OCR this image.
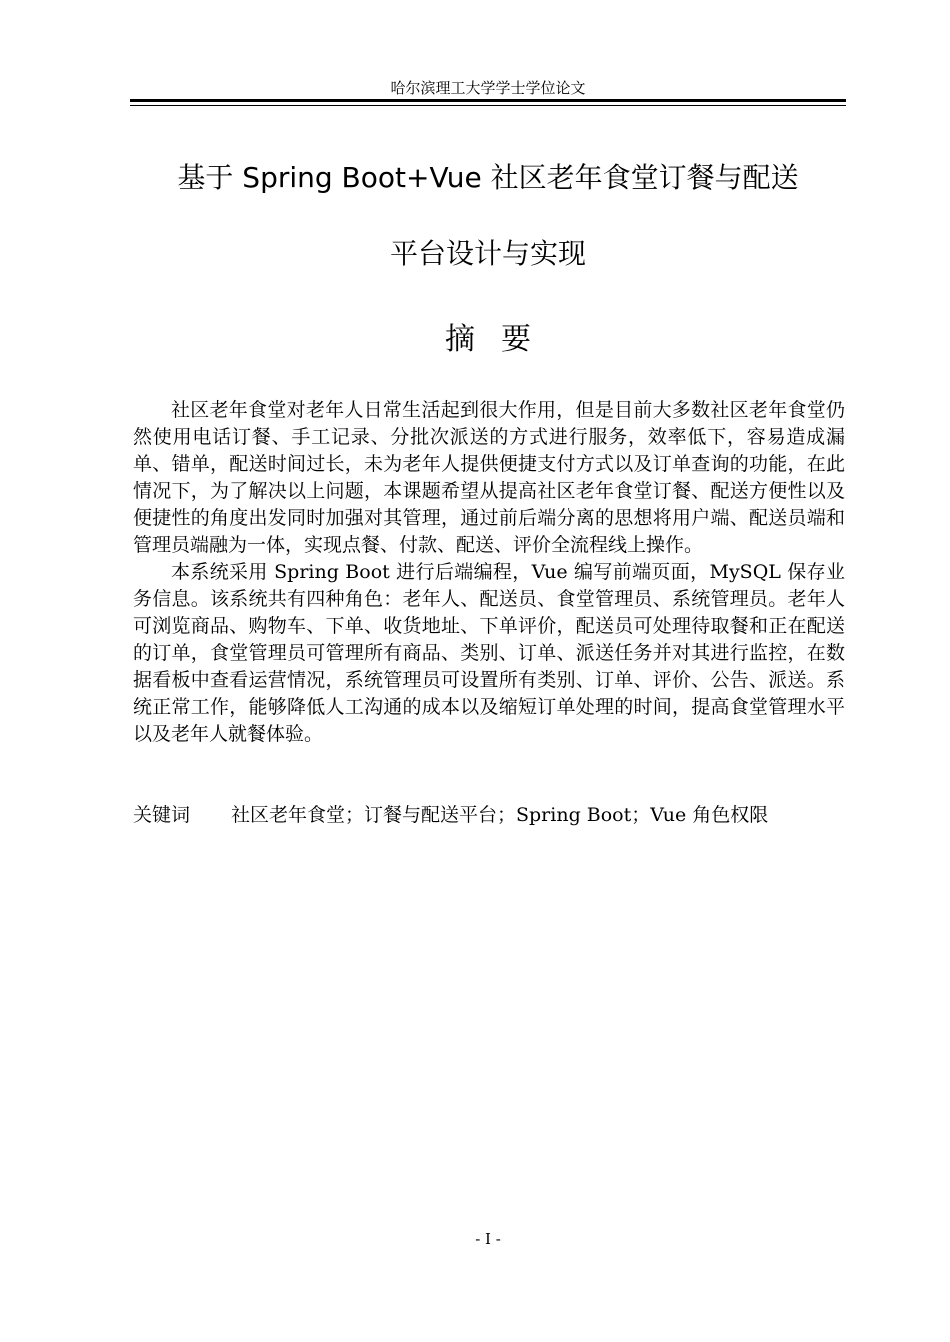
哈尔滨理工大学学士学位论文
基于 Spring Boot+Vue 社区老年食堂订餐与配送
平台设计与实现
摘要

社区老年食堂对老年人日常生活起到很大作用，但是目前大多数社区老年食堂仍然使用电话订餐、手工记录、分批次派送的方式进行服务，效率低下，容易造成漏单、错单，配送时间过长，未为老年人提供便捷支付方式以及订单查询的功能，在此情况下，为了解决以上问题，本课题希望从提高社区老年食堂订餐、配送方便性以及便捷性的角度出发同时加强对其管理，通过前后端分离的思想将用户端、配送员端和管理员端融为一体，实现点餐、付款、配送、评价全流程线上操作。

本系统采用 Spring Boot 进行后端编程，Vue 编写前端页面，MySQL 保存业务信息。该系统共有四种角色：老年人、配送员、食堂管理员、系统管理员。老年人可浏览商品、购物车、下单、收货地址、下单评价，配送员可处理待取餐和正在配送的订单，食堂管理员可管理所有商品、类别、订单、派送任务并对其进行监控，在数据看板中查看运营情况，系统管理员可设置所有类别、订单、评价、公告、派送。系统正常工作，能够降低人工沟通的成本以及缩短订单处理的时间，提高食堂管理水平以及老年人就餐体验。

关键词 社区老年食堂；订餐与配送平台；Spring Boot；Vue 角色权限
- I -
